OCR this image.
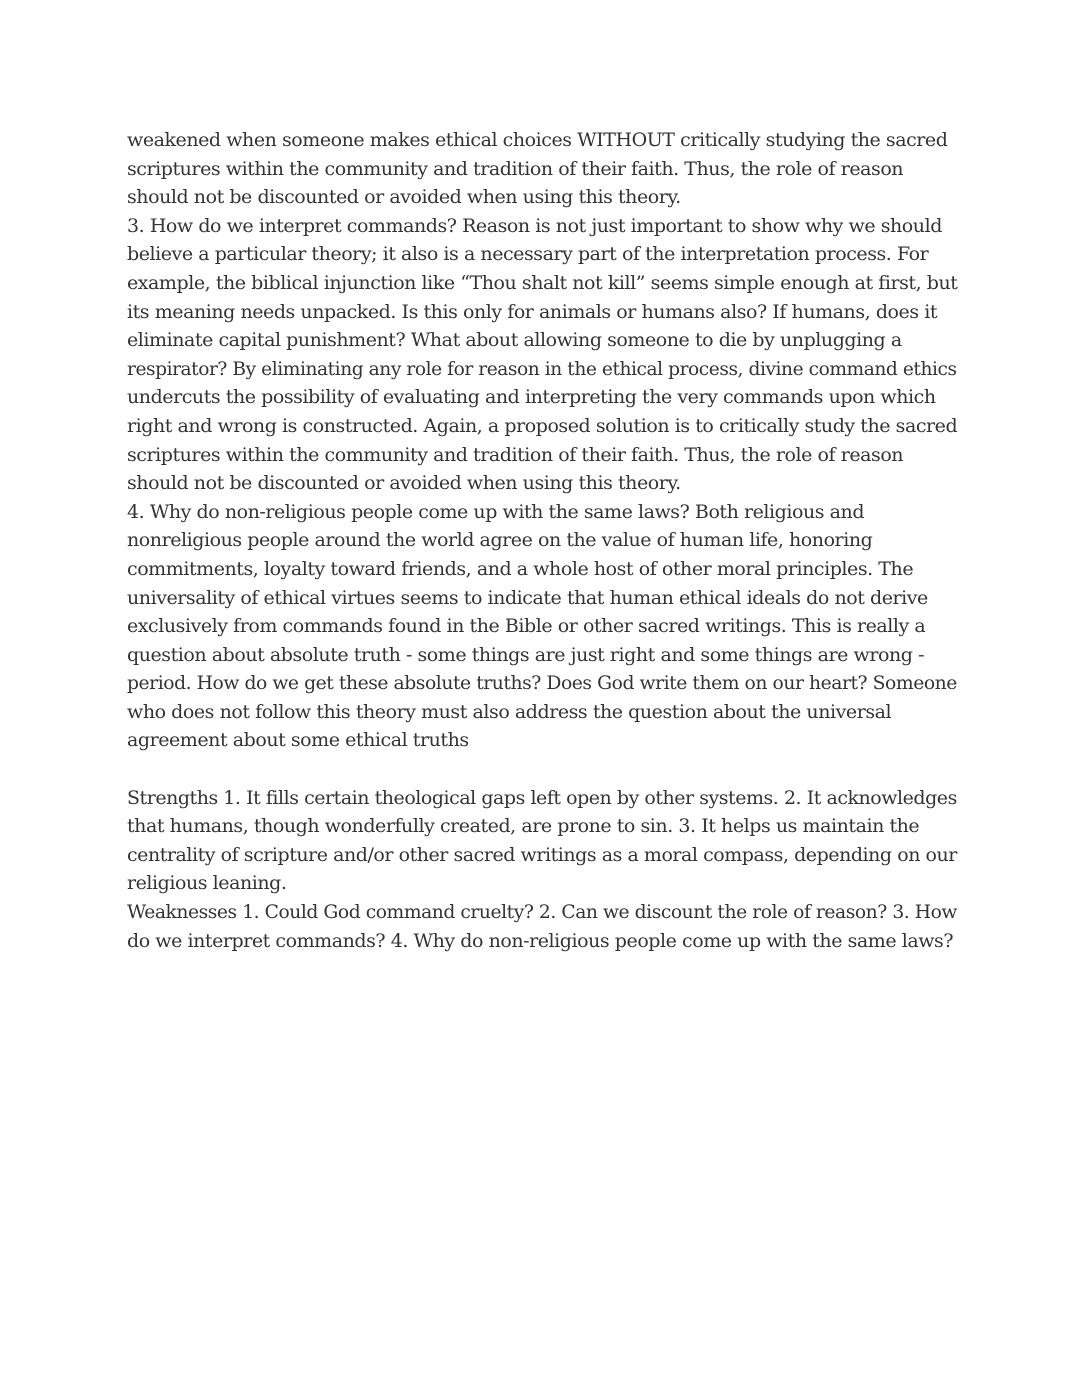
weakened when someone makes ethical choices WITHOUT critically studying the sacred
scriptures within the community and tradition of their faith. Thus, the role of reason
should not be discounted or avoided when using this theory.
3. How do we interpret commands? Reason is not just important to show why we should
believe a particular theory; it also is a necessary part of the interpretation process. For
example, the biblical injunction like “Thou shalt not kill” seems simple enough at first, but
its meaning needs unpacked. Is this only for animals or humans also? If humans, does it
eliminate capital punishment? What about allowing someone to die by unplugging a
respirator? By eliminating any role for reason in the ethical process, divine command ethics
undercuts the possibility of evaluating and interpreting the very commands upon which
right and wrong is constructed. Again, a proposed solution is to critically study the sacred
scriptures within the community and tradition of their faith. Thus, the role of reason
should not be discounted or avoided when using this theory.
4. Why do non-religious people come up with the same laws? Both religious and
nonreligious people around the world agree on the value of human life, honoring
commitments, loyalty toward friends, and a whole host of other moral principles. The
universality of ethical virtues seems to indicate that human ethical ideals do not derive
exclusively from commands found in the Bible or other sacred writings. This is really a
question about absolute truth - some things are just right and some things are wrong -
period. How do we get these absolute truths? Does God write them on our heart? Someone
who does not follow this theory must also address the question about the universal
agreement about some ethical truths
Strengths 1. It fills certain theological gaps left open by other systems. 2. It acknowledges
that humans, though wonderfully created, are prone to sin. 3. It helps us maintain the
centrality of scripture and/or other sacred writings as a moral compass, depending on our
religious leaning.
Weaknesses 1. Could God command cruelty? 2. Can we discount the role of reason? 3. How
do we interpret commands? 4. Why do non-religious people come up with the same laws?
